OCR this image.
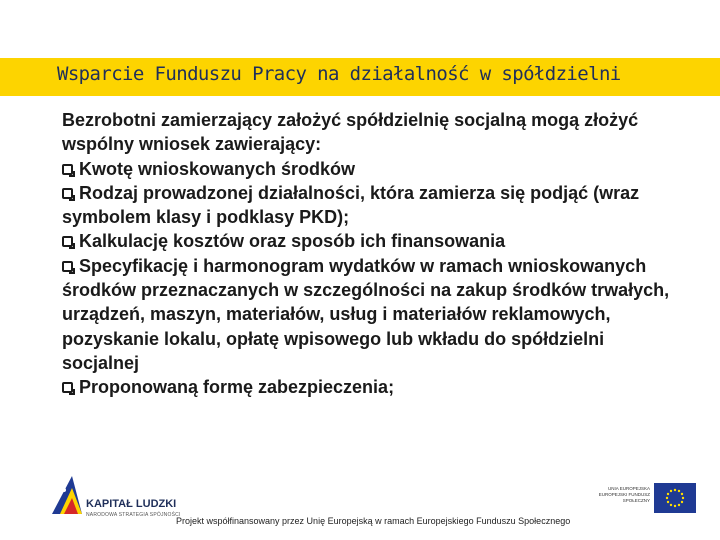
Wsparcie Funduszu Pracy na działalność w spółdzielni

Bezrobotni zamierzający założyć spółdzielnię socjalną mogą złożyć wspólny wniosek zawierający:

Kwotę wnioskowanych środków

Rodzaj prowadzonej działalności, która zamierza się podjąć (wraz symbolem klasy i podklasy PKD);

Kalkulację kosztów oraz sposób ich finansowania

Specyfikację i harmonogram wydatków w ramach wnioskowanych środków przeznaczanych w szczególności na zakup środków trwałych, urządzeń, maszyn, materiałów, usług i materiałów reklamowych, pozyskanie lokalu, opłatę wpisowego lub wkładu do spółdzielni socjalnej

Proponowaną formę zabezpieczenia;

KAPITAŁ LUDZKI
NARODOWA STRATEGIA SPÓJNOŚCI
UNIA EUROPEJSKA EUROPEJSKI FUNDUSZ SPOŁECZNY
Projekt współfinansowany przez Unię Europejską w ramach Europejskiego Funduszu Społecznego
